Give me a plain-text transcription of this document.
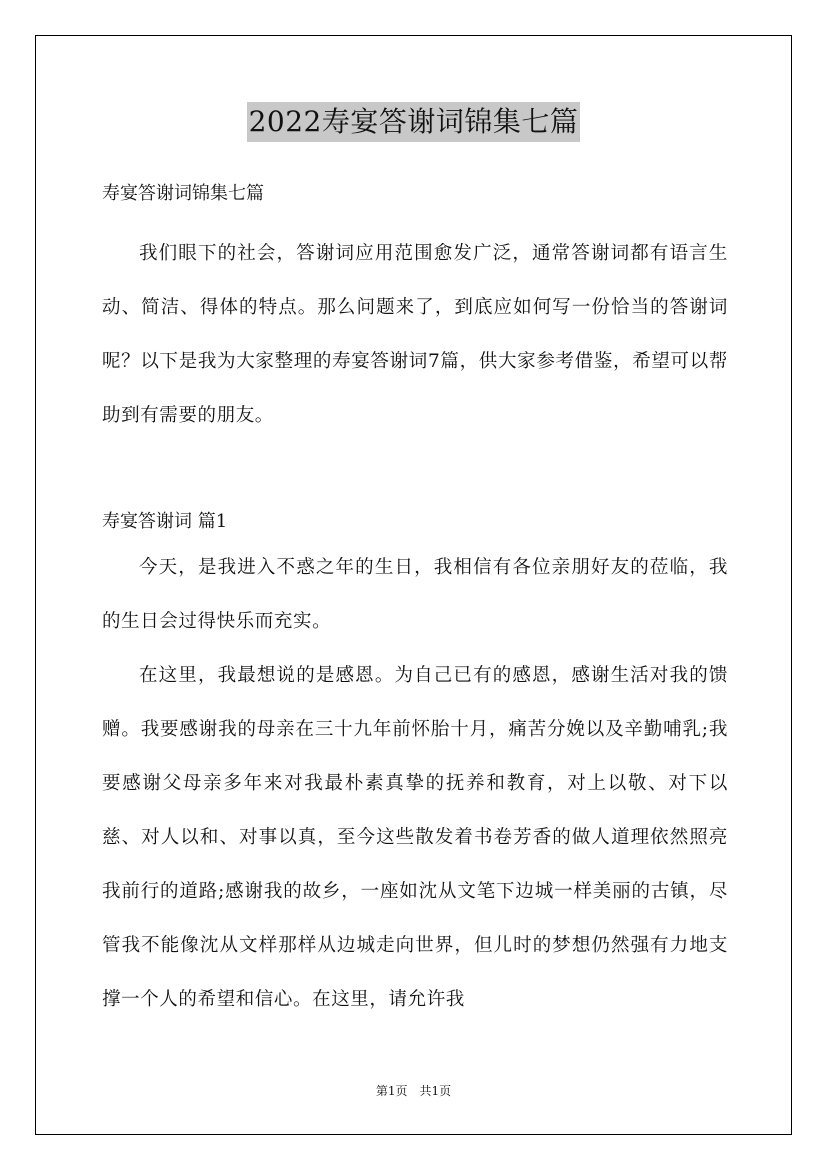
2022寿宴答谢词锦集七篇

寿宴答谢词锦集七篇

我们眼下的社会，答谢词应用范围愈发广泛，通常答谢词都有语言生动、简洁、得体的特点。那么问题来了，到底应如何写一份恰当的答谢词呢？以下是我为大家整理的寿宴答谢词7篇，供大家参考借鉴，希望可以帮助到有需要的朋友。

寿宴答谢词 篇1

今天，是我进入不惑之年的生日，我相信有各位亲朋好友的莅临，我的生日会过得快乐而充实。

在这里，我最想说的是感恩。为自己已有的感恩，感谢生活对我的馈赠。我要感谢我的母亲在三十九年前怀胎十月，痛苦分娩以及辛勤哺乳;我要感谢父母亲多年来对我最朴素真挚的抚养和教育，对上以敬、对下以慈、对人以和、对事以真，至今这些散发着书卷芳香的做人道理依然照亮我前行的道路;感谢我的故乡，一座如沈从文笔下边城一样美丽的古镇，尽管我不能像沈从文样那样从边城走向世界，但儿时的梦想仍然强有力地支撑一个人的希望和信心。在这里，请允许我

第1页　共1页
